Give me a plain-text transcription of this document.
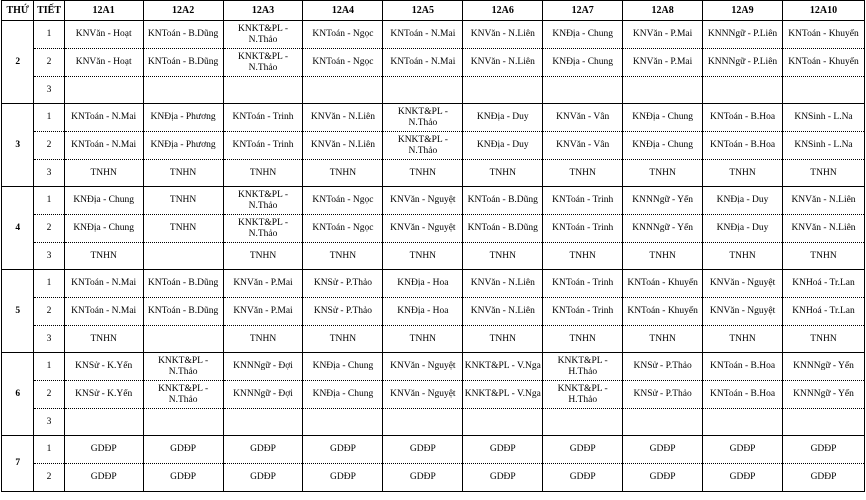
THỨ	TIẾT	12A1	12A2	12A3	12A4	12A5	12A6	12A7	12A8	12A9	12A10
2	1	KNVăn - Hoạt	KNToán - B.Dũng	KNKT&PL - N.Thảo	KNToán - Ngọc	KNToán - N.Mai	KNVăn - N.Liên	KNĐịa - Chung	KNVăn - P.Mai	KNNNgữ - P.Liên	KNToán - Khuyến
	2	KNVăn - Hoạt	KNToán - B.Dũng	KNKT&PL - N.Thảo	KNToán - Ngọc	KNToán - N.Mai	KNVăn - N.Liên	KNĐịa - Chung	KNVăn - P.Mai	KNNNgữ - P.Liên	KNToán - Khuyến
	3										
3	1	KNToán - N.Mai	KNĐịa - Phương	KNToán - Trinh	KNVăn - N.Liên	KNKT&PL - N.Thảo	KNĐịa - Duy	KNVăn - Vân	KNĐịa - Chung	KNToán - B.Hoa	KNSinh - L.Na
	2	KNToán - N.Mai	KNĐịa - Phương	KNToán - Trinh	KNVăn - N.Liên	KNKT&PL - N.Thảo	KNĐịa - Duy	KNVăn - Vân	KNĐịa - Chung	KNToán - B.Hoa	KNSinh - L.Na
	3	TNHN	TNHN	TNHN	TNHN	TNHN	TNHN	TNHN	TNHN	TNHN	TNHN
4	1	KNĐịa - Chung	TNHN	KNKT&PL - N.Thảo	KNToán - Ngọc	KNVăn - Nguyệt	KNToán - B.Dũng	KNToán - Trinh	KNNNgữ - Yến	KNĐịa - Duy	KNVăn - N.Liên
	2	KNĐịa - Chung	TNHN	KNKT&PL - N.Thảo	KNToán - Ngọc	KNVăn - Nguyệt	KNToán - B.Dũng	KNToán - Trinh	KNNNgữ - Yến	KNĐịa - Duy	KNVăn - N.Liên
	3	TNHN		TNHN	TNHN	TNHN	TNHN	TNHN	TNHN	TNHN	TNHN
5	1	KNToán - N.Mai	KNToán - B.Dũng	KNVăn - P.Mai	KNSử - P.Thảo	KNĐịa - Hoa	KNVăn - N.Liên	KNToán - Trinh	KNToán - Khuyến	KNVăn - Nguyệt	KNHoá - Tr.Lan
	2	KNToán - N.Mai	KNToán - B.Dũng	KNVăn - P.Mai	KNSử - P.Thảo	KNĐịa - Hoa	KNVăn - N.Liên	KNToán - Trinh	KNToán - Khuyến	KNVăn - Nguyệt	KNHoá - Tr.Lan
	3	TNHN		TNHN	TNHN	TNHN	TNHN	TNHN	TNHN	TNHN	TNHN
6	1	KNSử - K.Yến	KNKT&PL - N.Thảo	KNNNgữ - Đợi	KNĐịa - Chung	KNVăn - Nguyệt	KNKT&PL - V.Nga	KNKT&PL - H.Thảo	KNSử - P.Thảo	KNToán - B.Hoa	KNNNgữ - Yến
	2	KNSử - K.Yến	KNKT&PL - N.Thảo	KNNNgữ - Đợi	KNĐịa - Chung	KNVăn - Nguyệt	KNKT&PL - V.Nga	KNKT&PL - H.Thảo	KNSử - P.Thảo	KNToán - B.Hoa	KNNNgữ - Yến
	3										
7	1	GDĐP	GDĐP	GDĐP	GDĐP	GDĐP	GDĐP	GDĐP	GDĐP	GDĐP	GDĐP
	2	GDĐP	GDĐP	GDĐP	GDĐP	GDĐP	GDĐP	GDĐP	GDĐP	GDĐP	GDĐP
